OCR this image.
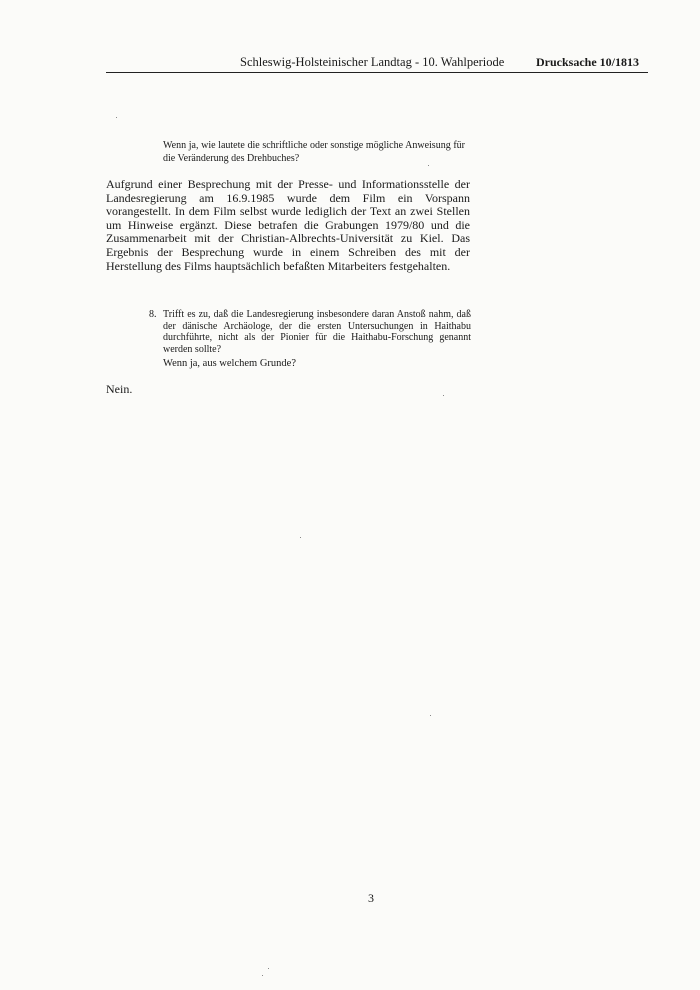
Schleswig-Holsteinischer Landtag - 10. Wahlperiode	Drucksache 10/1813
Wenn ja, wie lautete die schriftliche oder sonstige mögliche Anweisung für die Veränderung des Drehbuches?
Aufgrund einer Besprechung mit der Presse- und Informationsstelle der Landesregierung am 16.9.1985 wurde dem Film ein Vorspann vorangestellt. In dem Film selbst wurde lediglich der Text an zwei Stellen um Hinweise ergänzt. Diese betrafen die Grabungen 1979/80 und die Zusammenarbeit mit der Christian-Albrechts-Universität zu Kiel. Das Ergebnis der Besprechung wurde in einem Schreiben des mit der Herstellung des Films hauptsächlich befaßten Mitarbeiters festgehalten.
8. Trifft es zu, daß die Landesregierung insbesondere daran Anstoß nahm, daß der dänische Archäologe, der die ersten Untersuchungen in Haithabu durchführte, nicht als der Pionier für die Haithabu-Forschung genannt werden sollte?
Wenn ja, aus welchem Grunde?
Nein.
3
